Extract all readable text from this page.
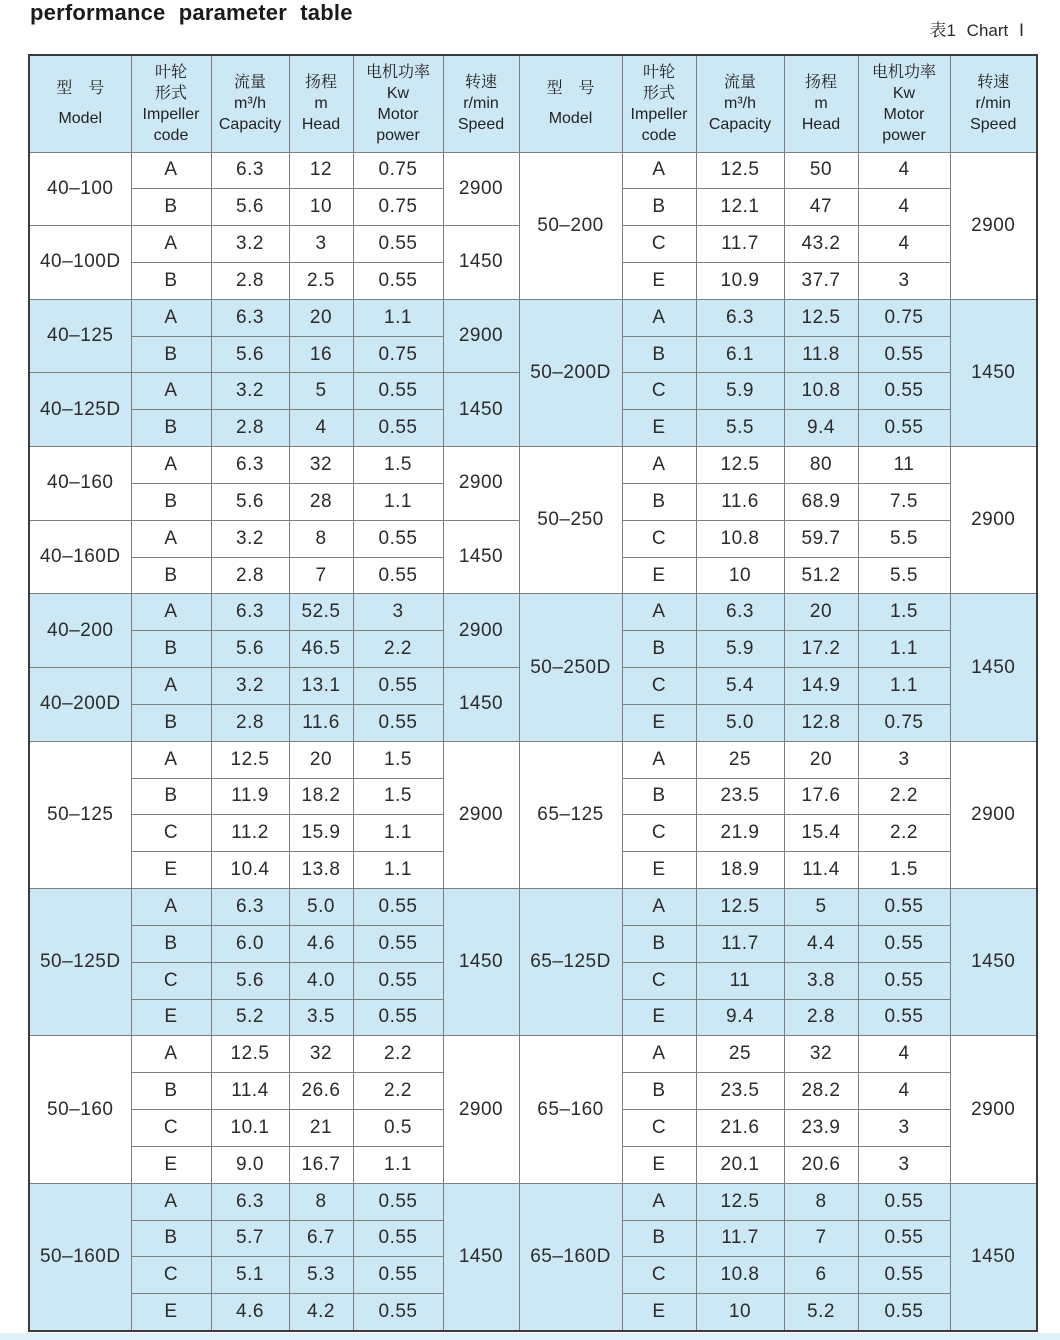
performance parameter table
表1 Chart Ⅰ
型　号
Model

叶轮
形式
Impeller
code

流量
m³/h
Capacity

扬程
m
Head

电机功率
Kw
Motor
power

转速
r/min
Speed

型　号
Model

叶轮
形式
Impeller
code

流量
m³/h
Capacity

扬程
m
Head

电机功率
Kw
Motor
power

转速
r/min
Speed

40–100	A	6.3	12	0.75	2900	50–200	A	12.5	50	4	2900
	B	5.6	10	0.75			B	12.1	47	4	
40–100D	A	3.2	3	0.55	1450		C	11.7	43.2	4	
	B	2.8	2.5	0.55			E	10.9	37.7	3	
40–125	A	6.3	20	1.1	2900	50–200D	A	6.3	12.5	0.75	1450
	B	5.6	16	0.75			B	6.1	11.8	0.55	
40–125D	A	3.2	5	0.55	1450		C	5.9	10.8	0.55	
	B	2.8	4	0.55			E	5.5	9.4	0.55	
40–160	A	6.3	32	1.5	2900	50–250	A	12.5	80	11	2900
	B	5.6	28	1.1			B	11.6	68.9	7.5	
40–160D	A	3.2	8	0.55	1450		C	10.8	59.7	5.5	
	B	2.8	7	0.55			E	10	51.2	5.5	
40–200	A	6.3	52.5	3	2900	50–250D	A	6.3	20	1.5	1450
	B	5.6	46.5	2.2			B	5.9	17.2	1.1	
40–200D	A	3.2	13.1	0.55	1450		C	5.4	14.9	1.1	
	B	2.8	11.6	0.55			E	5.0	12.8	0.75	
50–125	A	12.5	20	1.5	2900	65–125	A	25	20	3	2900
	B	11.9	18.2	1.5			B	23.5	17.6	2.2	
	C	11.2	15.9	1.1			C	21.9	15.4	2.2	
	E	10.4	13.8	1.1			E	18.9	11.4	1.5	
50–125D	A	6.3	5.0	0.55	1450	65–125D	A	12.5	5	0.55	1450
	B	6.0	4.6	0.55			B	11.7	4.4	0.55	
	C	5.6	4.0	0.55			C	11	3.8	0.55	
	E	5.2	3.5	0.55			E	9.4	2.8	0.55	
50–160	A	12.5	32	2.2	2900	65–160	A	25	32	4	2900
	B	11.4	26.6	2.2			B	23.5	28.2	4	
	C	10.1	21	0.5			C	21.6	23.9	3	
	E	9.0	16.7	1.1			E	20.1	20.6	3	
50–160D	A	6.3	8	0.55	1450	65–160D	A	12.5	8	0.55	1450
	B	5.7	6.7	0.55			B	11.7	7	0.55	
	C	5.1	5.3	0.55			C	10.8	6	0.55	
	E	4.6	4.2	0.55			E	10	5.2	0.55	
